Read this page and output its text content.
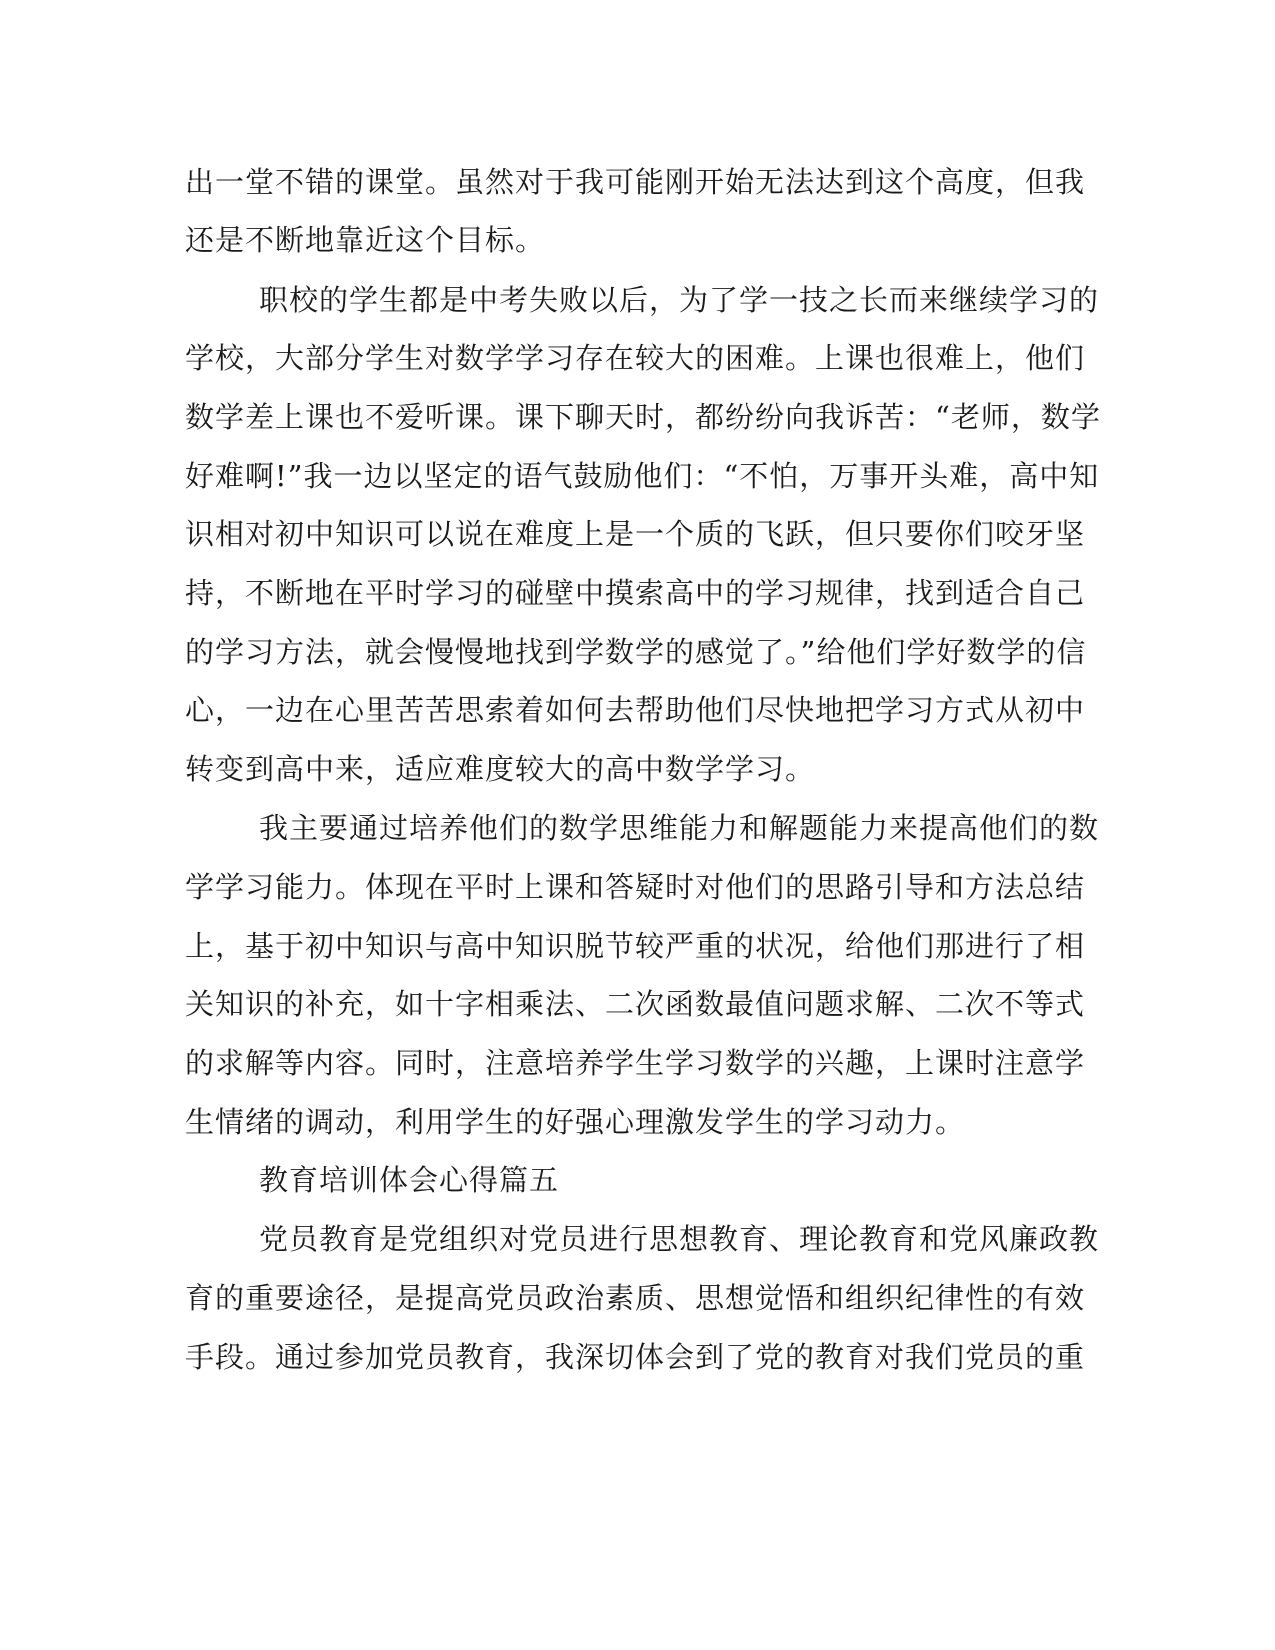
出一堂不错的课堂。虽然对于我可能刚开始无法达到这个高度，但我
还是不断地靠近这个目标。
职校的学生都是中考失败以后，为了学一技之长而来继续学习的
学校，大部分学生对数学学习存在较大的困难。上课也很难上，他们
数学差上课也不爱听课。课下聊天时，都纷纷向我诉苦：“老师，数学
好难啊!”我一边以坚定的语气鼓励他们：“不怕，万事开头难，高中知
识相对初中知识可以说在难度上是一个质的飞跃，但只要你们咬牙坚
持，不断地在平时学习的碰壁中摸索高中的学习规律，找到适合自己
的学习方法，就会慢慢地找到学数学的感觉了。”给他们学好数学的信
心，一边在心里苦苦思索着如何去帮助他们尽快地把学习方式从初中
转变到高中来，适应难度较大的高中数学学习。
我主要通过培养他们的数学思维能力和解题能力来提高他们的数
学学习能力。体现在平时上课和答疑时对他们的思路引导和方法总结
上，基于初中知识与高中知识脱节较严重的状况，给他们那进行了相
关知识的补充，如十字相乘法、二次函数最值问题求解、二次不等式
的求解等内容。同时，注意培养学生学习数学的兴趣，上课时注意学
生情绪的调动，利用学生的好强心理激发学生的学习动力。
教育培训体会心得篇五
党员教育是党组织对党员进行思想教育、理论教育和党风廉政教
育的重要途径，是提高党员政治素质、思想觉悟和组织纪律性的有效
手段。通过参加党员教育，我深切体会到了党的教育对我们党员的重
